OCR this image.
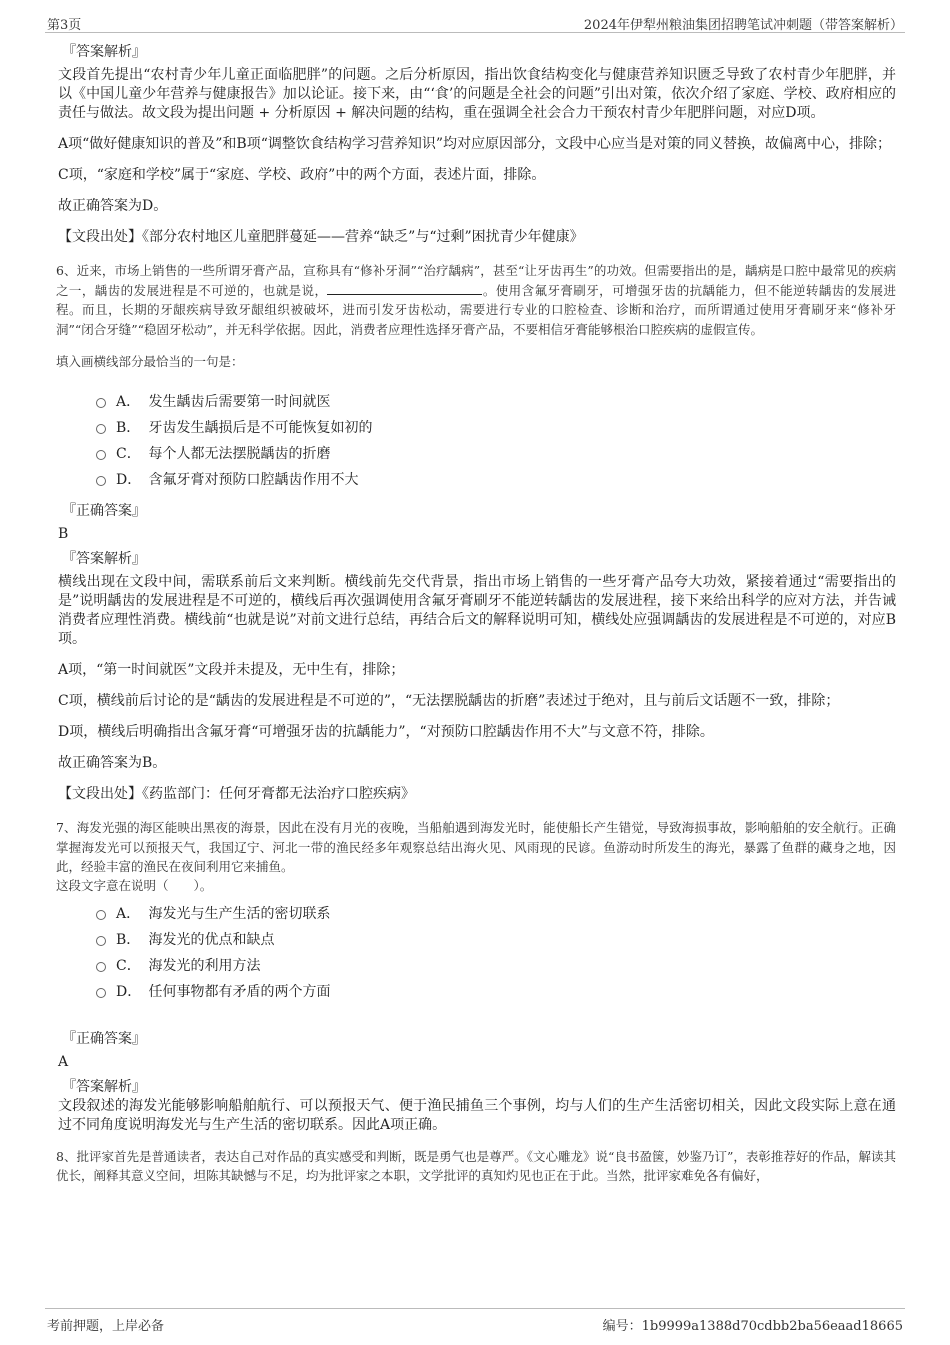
第3页	2024年伊犁州粮油集团招聘笔试冲刺题（带答案解析）
『答案解析』

文段首先提出“农村青少年儿童正面临肥胖”的问题。之后分析原因，指出饮食结构变化与健康营养知识匮乏导致了农村青少年肥胖，并以《中国儿童少年营养与健康报告》加以论证。接下来，由“‘食’的问题是全社会的问题”引出对策，依次介绍了家庭、学校、政府相应的责任与做法。故文段为提出问题 + 分析原因 + 解决问题的结构，重在强调全社会合力干预农村青少年肥胖问题，对应D项。

A项“做好健康知识的普及”和B项“调整饮食结构学习营养知识”均对应原因部分，文段中心应当是对策的同义替换，故偏离中心，排除；

C项，“家庭和学校”属于“家庭、学校、政府”中的两个方面，表述片面，排除。

故正确答案为D。

【文段出处】《部分农村地区儿童肥胖蔓延——营养“缺乏”与“过剩”困扰青少年健康》

6、近来，市场上销售的一些所谓牙膏产品，宣称具有“修补牙洞”“治疗龋病”，甚至“让牙齿再生”的功效。但需要指出的是，龋病是口腔中最常见的疾病之一，龋齿的发展进程是不可逆的，也就是说，	。使用含氟牙膏刷牙，可增强牙齿的抗龋能力，但不能逆转龋齿的发展进程。而且，长期的牙龈疾病导致牙龈组织被破坏，进而引发牙齿松动，需要进行专业的口腔检查、诊断和治疗，而所谓通过使用牙膏刷牙来“修补牙洞”“闭合牙缝”“稳固牙松动”，并无科学依据。因此，消费者应理性选择牙膏产品，不要相信牙膏能够根治口腔疾病的虚假宣传。

填入画横线部分最恰当的一句是：

A． 发生龋齿后需要第一时间就医
B． 牙齿发生龋损后是不可能恢复如初的
C． 每个人都无法摆脱龋齿的折磨
D． 含氟牙膏对预防口腔龋齿作用不大
『正确答案』
B
『答案解析』

横线出现在文段中间，需联系前后文来判断。横线前先交代背景，指出市场上销售的一些牙膏产品夸大功效，紧接着通过“需要指出的是”说明龋齿的发展进程是不可逆的，横线后再次强调使用含氟牙膏刷牙不能逆转龋齿的发展进程，接下来给出科学的应对方法，并告诫消费者应理性消费。横线前“也就是说”对前文进行总结，再结合后文的解释说明可知，横线处应强调龋齿的发展进程是不可逆的，对应B项。

A项，“第一时间就医”文段并未提及，无中生有，排除；

C项，横线前后讨论的是“龋齿的发展进程是不可逆的”，“无法摆脱龋齿的折磨”表述过于绝对，且与前后文话题不一致，排除；

D项，横线后明确指出含氟牙膏“可增强牙齿的抗龋能力”，“对预防口腔龋齿作用不大”与文意不符，排除。

故正确答案为B。

【文段出处】《药监部门：任何牙膏都无法治疗口腔疾病》

7、海发光强的海区能映出黑夜的海景，因此在没有月光的夜晚，当船舶遇到海发光时，能使船长产生错觉，导致海损事故，影响船舶的安全航行。正确掌握海发光可以预报天气，我国辽宁、河北一带的渔民经多年观察总结出海火见、风雨现的民谚。鱼游动时所发生的海光，暴露了鱼群的藏身之地，因此，经验丰富的渔民在夜间利用它来捕鱼。

这段文字意在说明（　　）。

A． 海发光与生产生活的密切联系
B． 海发光的优点和缺点
C． 海发光的利用方法
D． 任何事物都有矛盾的两个方面
『正确答案』
A
『答案解析』

文段叙述的海发光能够影响船舶航行、可以预报天气、便于渔民捕鱼三个事例，均与人们的生产生活密切相关，因此文段实际上意在通过不同角度说明海发光与生产生活的密切联系。因此A项正确。

8、批评家首先是普通读者，表达自己对作品的真实感受和判断，既是勇气也是尊严。《文心雕龙》说“良书盈箧，妙鉴乃订”，表彰推荐好的作品，解读其优长，阐释其意义空间，坦陈其缺憾与不足，均为批评家之本职，文学批评的真知灼见也正在于此。当然，批评家难免各有偏好，

考前押题，上岸必备	编号：1b9999a1388d70cdbb2ba56eaad18665
